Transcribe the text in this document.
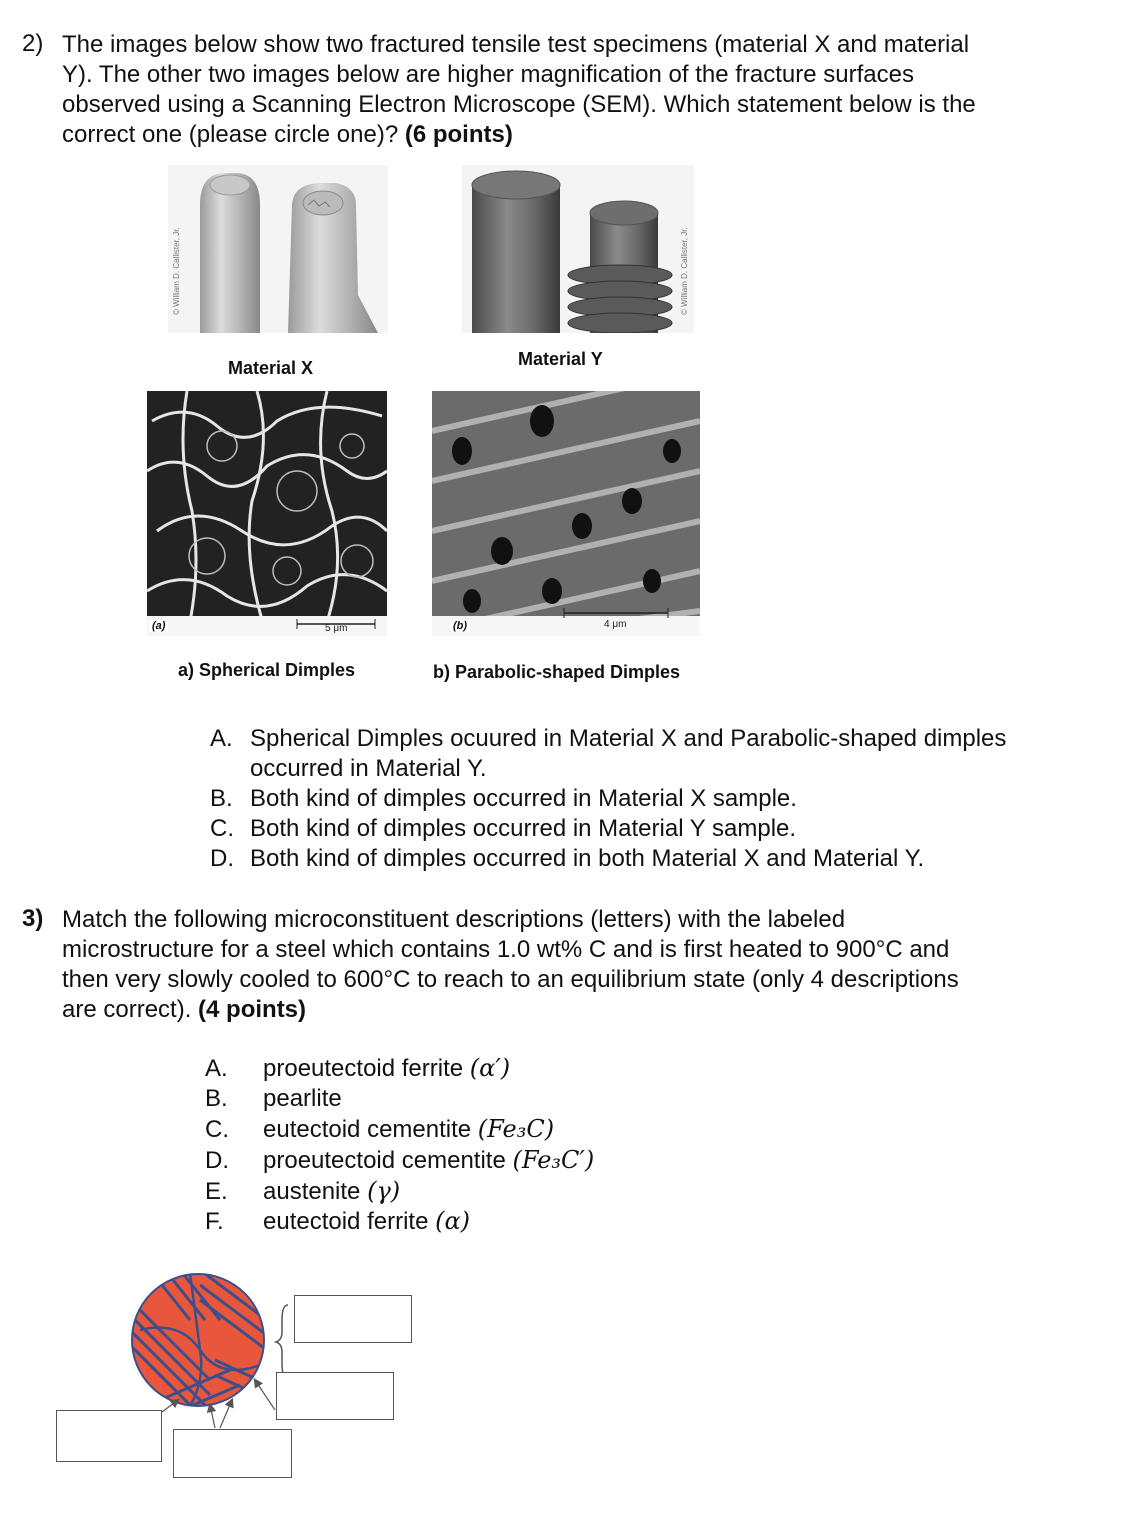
2) The images below show two fractured tensile test specimens (material X and material
Y). The other two images below are higher magnification of the fracture surfaces
observed using a Scanning Electron Microscope (SEM). Which statement below is the
correct one (please circle one)? (6 points)
© William D. Callister, Jr.	© William D. Callister, Jr.
Material X	Material Y
(a)	5 μm	(b)	4 μm
a) Spherical Dimples	b) Parabolic-shaped Dimples
A. Spherical Dimples ocuured in Material X and Parabolic-shaped dimples
occurred in Material Y.
B. Both kind of dimples occurred in Material X sample.
C. Both kind of dimples occurred in Material Y sample.
D. Both kind of dimples occurred in both Material X and Material Y.
3) Match the following microconstituent descriptions (letters) with the labeled
microstructure for a steel which contains 1.0 wt% C and is first heated to 900°C and
then very slowly cooled to 600°C to reach to an equilibrium state (only 4 descriptions
are correct). (4 points)
A. proeutectoid ferrite (α′)
B. pearlite
C. eutectoid cementite (Fe₃C)
D. proeutectoid cementite (Fe₃C′)
E. austenite (γ)
F. eutectoid ferrite (α)
